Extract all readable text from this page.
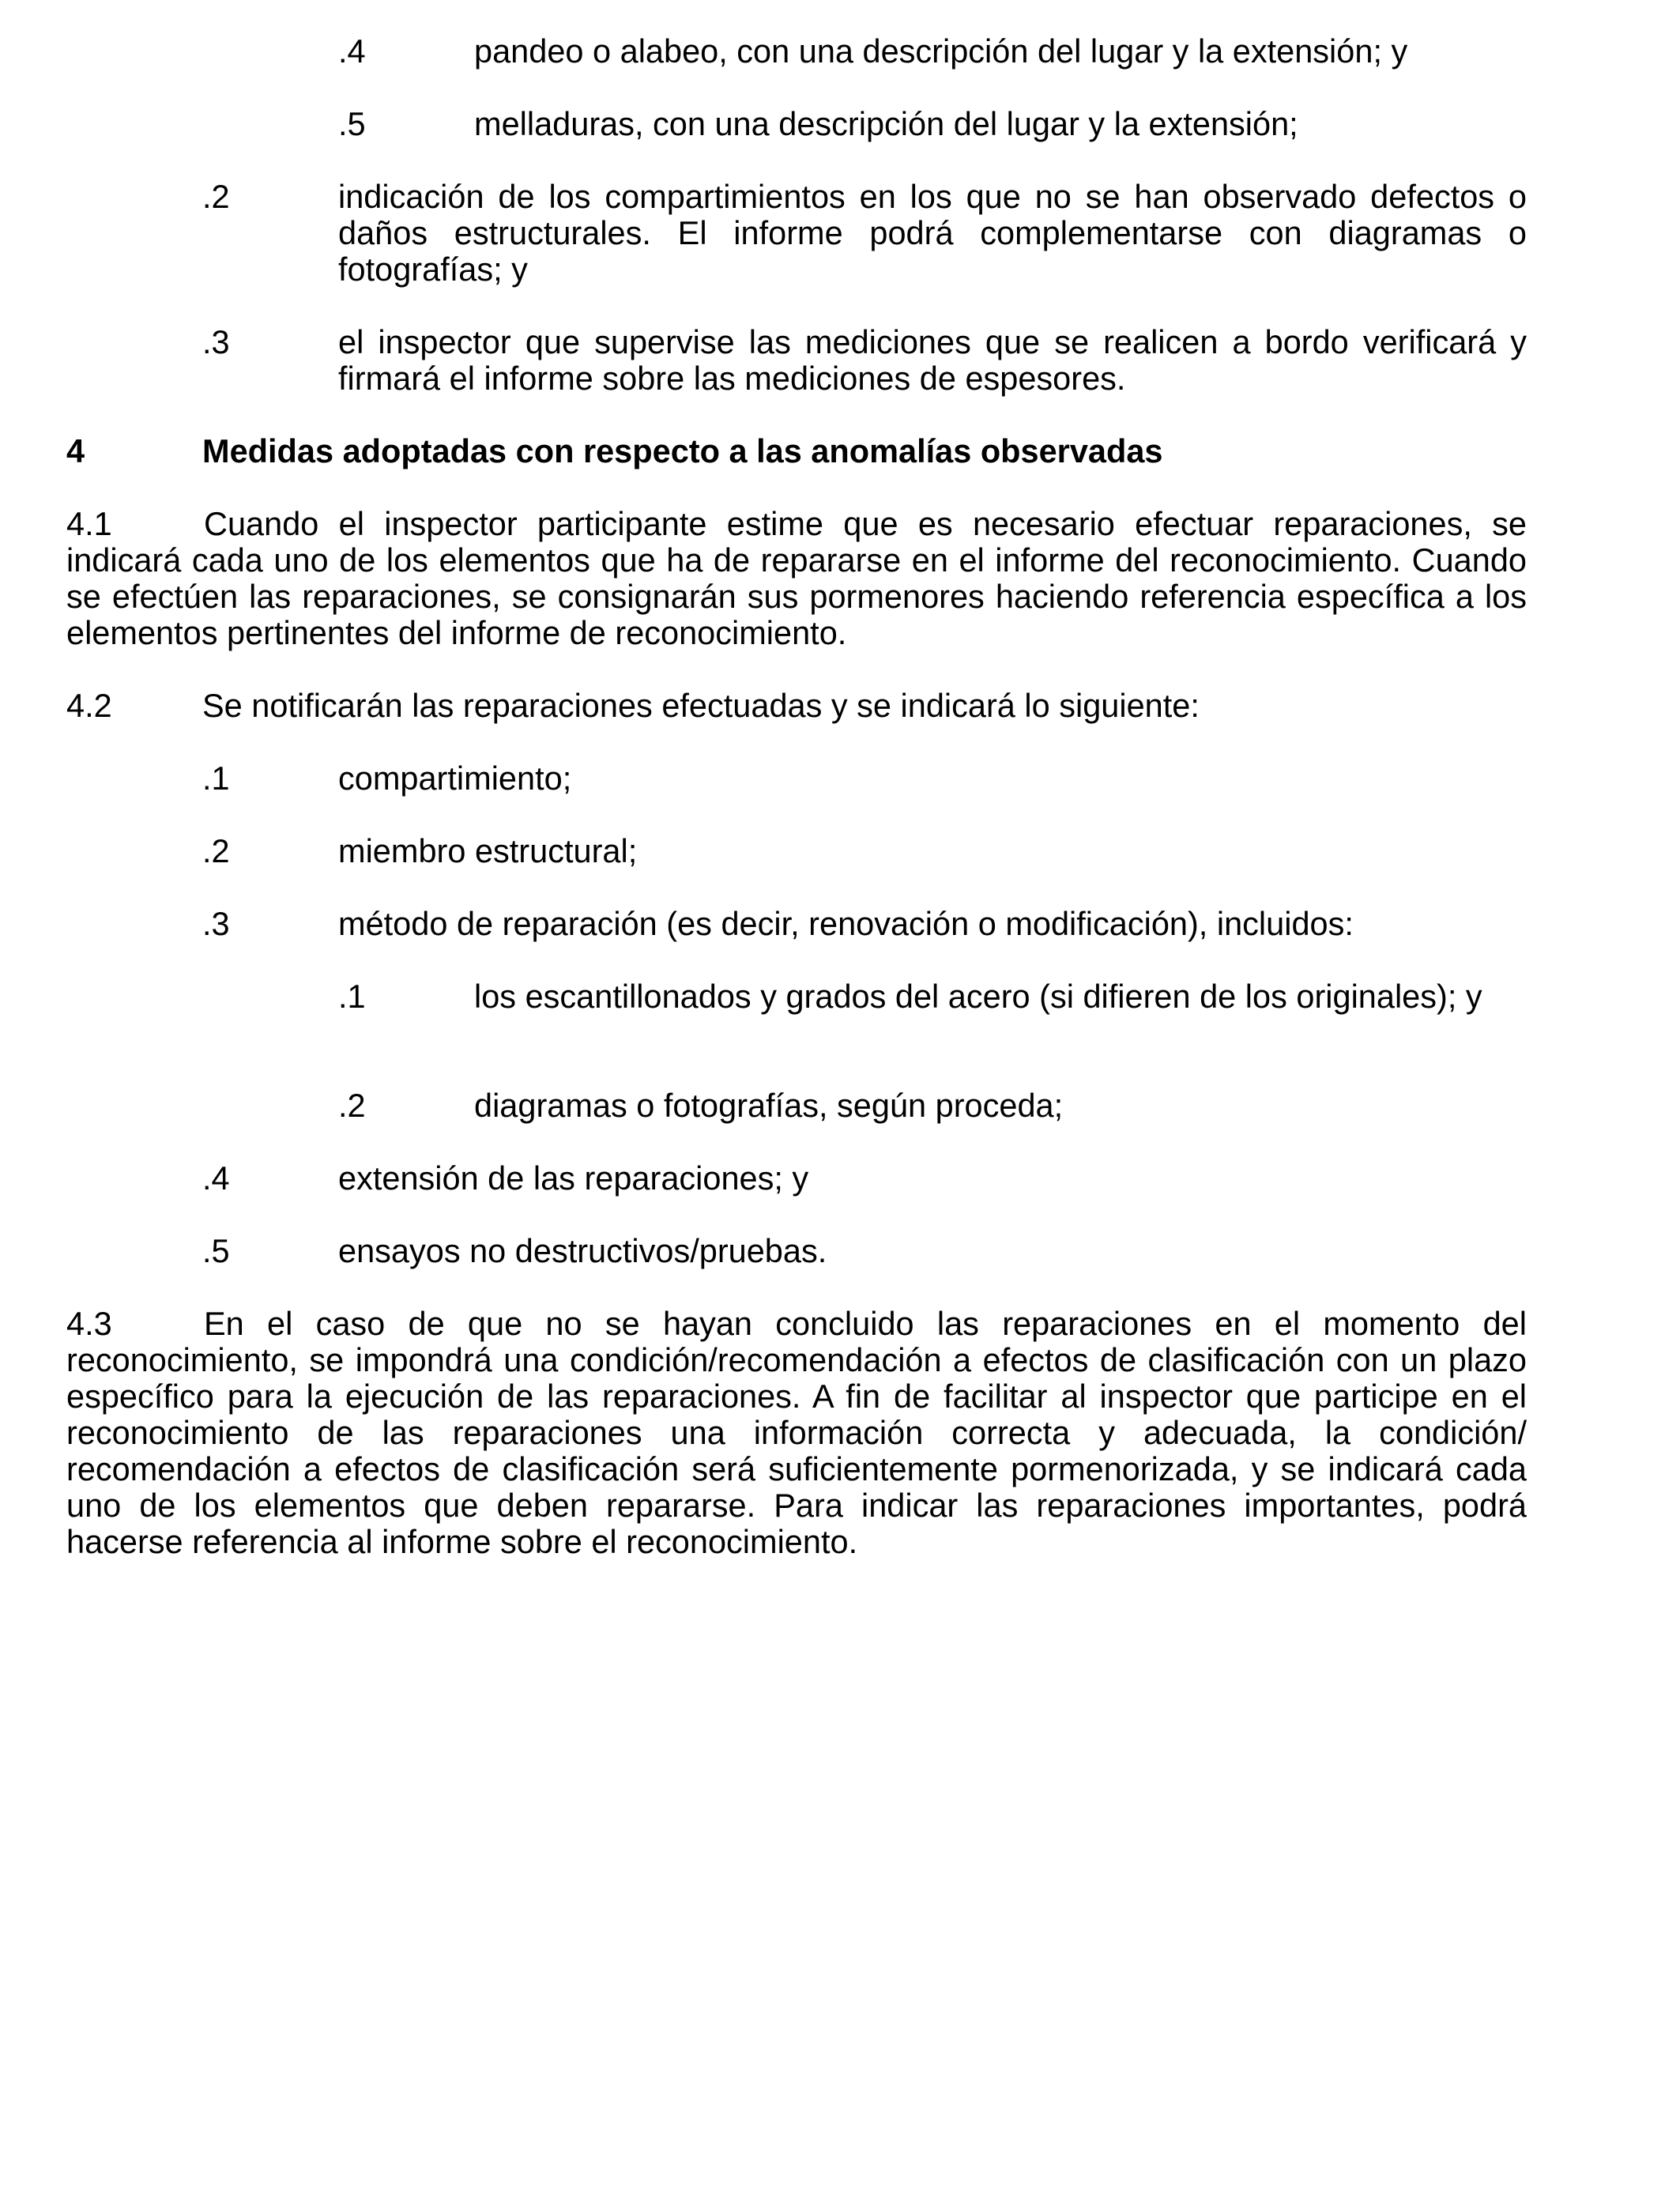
.4	pandeo o alabeo, con una descripción del lugar y la extensión; y
.5	melladuras, con una descripción del lugar y la extensión;
.2	indicación de los compartimientos en los que no se han observado defectos o daños estructurales. El informe podrá complementarse con diagramas o fotografías; y
.3	el inspector que supervise las mediciones que se realicen a bordo verificará y firmará el informe sobre las mediciones de espesores.
4	Medidas adoptadas con respecto a las anomalías observadas

4.1	Cuando el inspector participante estime que es necesario efectuar reparaciones, se indicará cada uno de los elementos que ha de repararse en el informe del reconocimiento. Cuando se efectúen las reparaciones, se consignarán sus pormenores haciendo referencia específica a los elementos pertinentes del informe de reconocimiento.

4.2	Se notificarán las reparaciones efectuadas y se indicará lo siguiente:
.1	compartimiento;
.2	miembro estructural;
.3	método de reparación (es decir, renovación o modificación), incluidos:
.1	los escantillonados y grados del acero (si difieren de los originales); y
.2	diagramas o fotografías, según proceda;
.4	extensión de las reparaciones; y
.5	ensayos no destructivos/pruebas.

4.3	En el caso de que no se hayan concluido las reparaciones en el momento del reconocimiento, se impondrá una condición/recomendación a efectos de clasificación con un plazo específico para la ejecución de las reparaciones. A fin de facilitar al inspector que participe en el reconocimiento de las reparaciones una información correcta y adecuada, la condición/ recomendación a efectos de clasificación será suficientemente pormenorizada, y se indicará cada uno de los elementos que deben repararse. Para indicar las reparaciones importantes, podrá hacerse referencia al informe sobre el reconocimiento.
